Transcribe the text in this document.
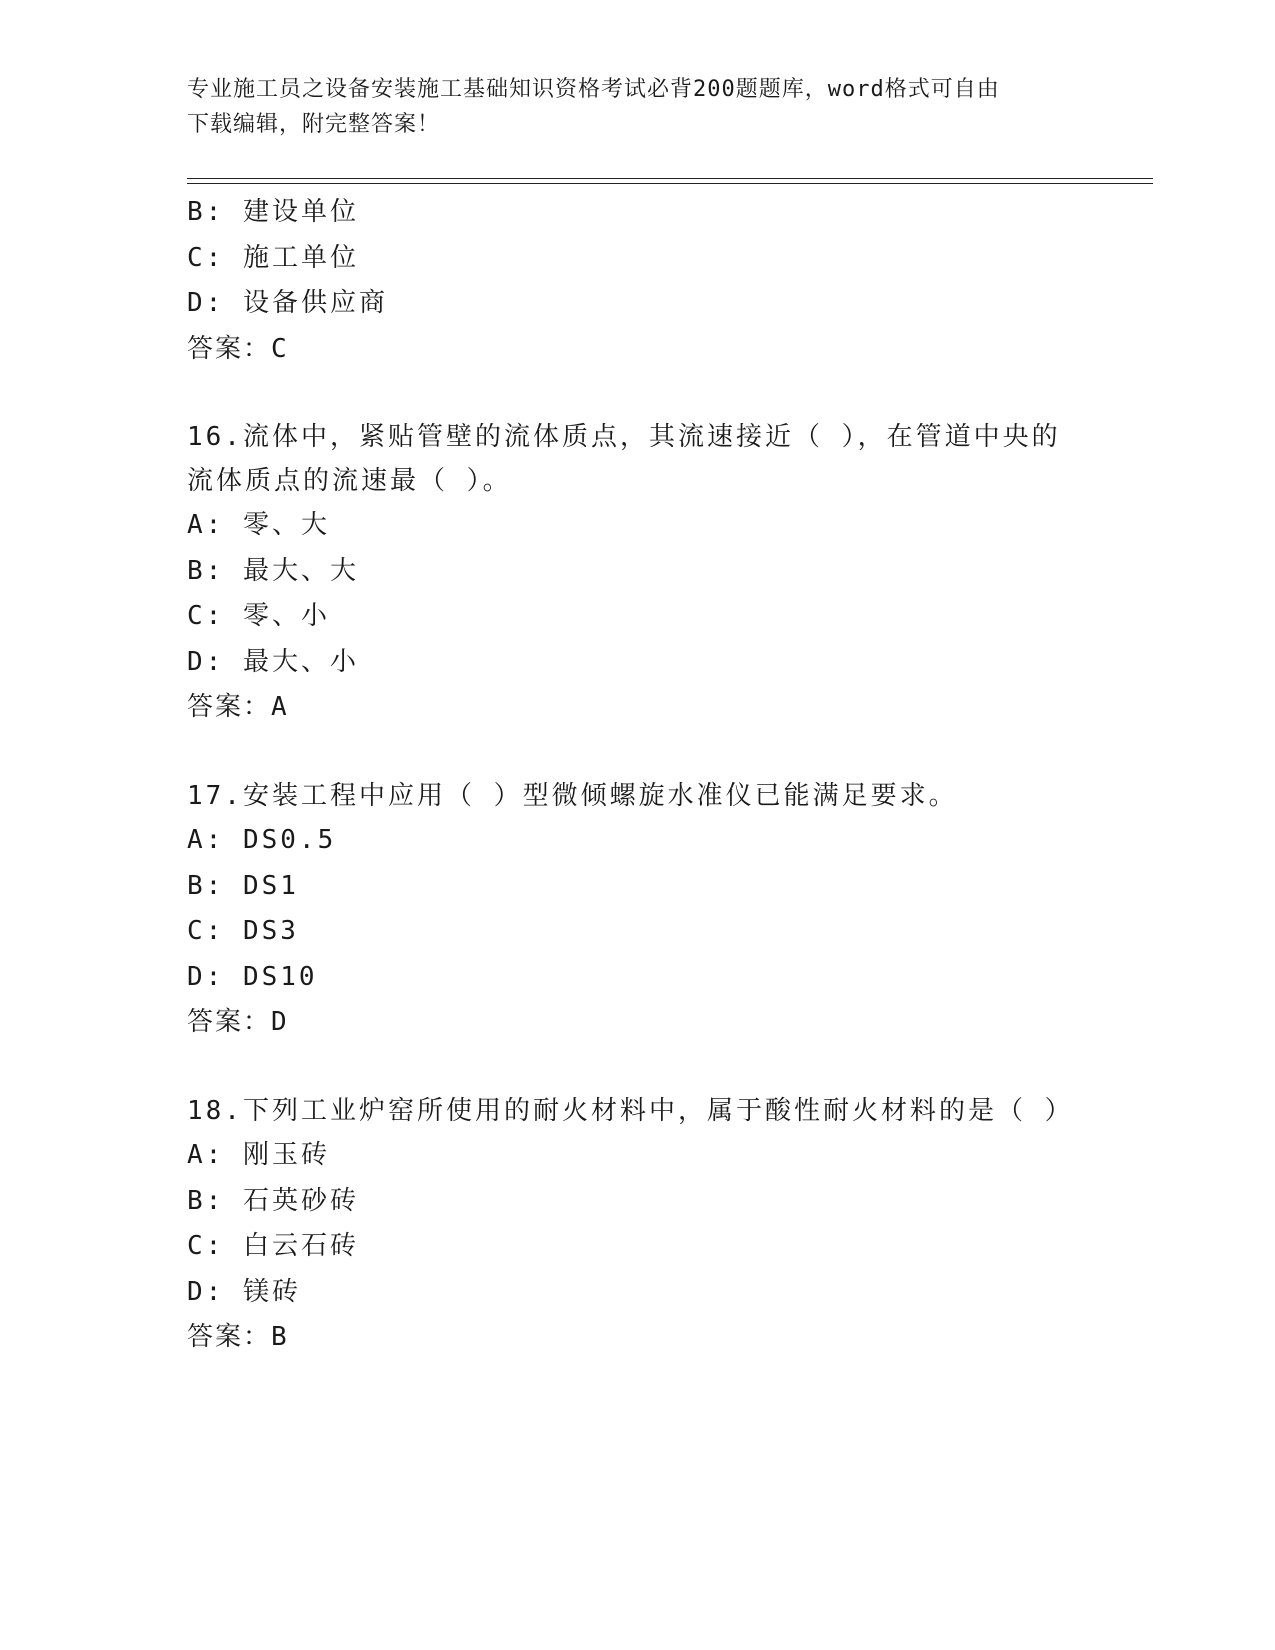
专业施工员之设备安装施工基础知识资格考试必背200题题库，word格式可自由
下载编辑，附完整答案！
B: 建设单位
C: 施工单位
D: 设备供应商
答案：C
16.流体中，紧贴管壁的流体质点，其流速接近（ ），在管道中央的
流体质点的流速最（ ）。
A: 零、大
B: 最大、大
C: 零、小
D: 最大、小
答案：A
17.安装工程中应用（ ）型微倾螺旋水准仪已能满足要求。
A: DS0.5
B: DS1
C: DS3
D: DS10
答案：D
18.下列工业炉窑所使用的耐火材料中，属于酸性耐火材料的是（ ）
A: 刚玉砖
B: 石英砂砖
C: 白云石砖
D: 镁砖
答案：B
